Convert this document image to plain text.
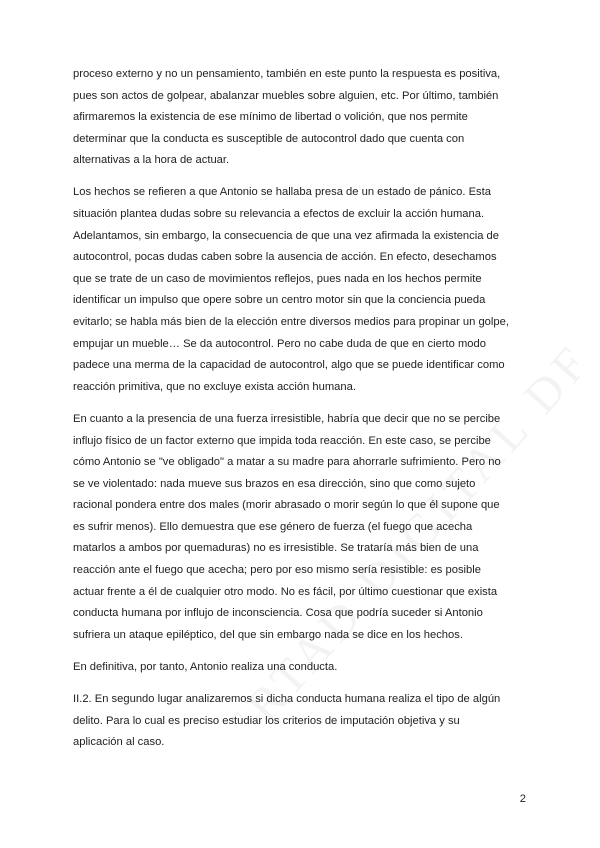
proceso externo y no un pensamiento, también en este punto la respuesta es positiva,
pues son actos de golpear, abalanzar muebles sobre alguien, etc. Por último, también
afirmaremos la existencia de ese mínimo de libertad o volición, que nos permite
determinar que la conducta es susceptible de autocontrol dado que cuenta con
alternativas a la hora de actuar.

Los hechos se refieren a que Antonio se hallaba presa de un estado de pánico. Esta
situación plantea dudas sobre su relevancia a efectos de excluir la acción humana.
Adelantamos, sin embargo, la consecuencia de que una vez afirmada la existencia de
autocontrol, pocas dudas caben sobre la ausencia de acción. En efecto, desechamos
que se trate de un caso de movimientos reflejos, pues nada en los hechos permite
identificar un impulso que opere sobre un centro motor sin que la conciencia pueda
evitarlo; se habla más bien de la elección entre diversos medios para propinar un golpe,
empujar un mueble… Se da autocontrol. Pero no cabe duda de que en cierto modo
padece una merma de la capacidad de autocontrol, algo que se puede identificar como
reacción primitiva, que no excluye exista acción humana.

En cuanto a la presencia de una fuerza irresistible, habría que decir que no se percibe
influjo físico de un factor externo que impida toda reacción. En este caso, se percibe
cómo Antonio se "ve obligado" a matar a su madre para ahorrarle sufrimiento. Pero no
se ve violentado: nada mueve sus brazos en esa dirección, sino que como sujeto
racional pondera entre dos males (morir abrasado o morir según lo que él supone que
es sufrir menos). Ello demuestra que ese género de fuerza (el fuego que acecha
matarlos a ambos por quemaduras) no es irresistible. Se trataría más bien de una
reacción ante el fuego que acecha; pero por eso mismo sería resistible: es posible
actuar frente a él de cualquier otro modo. No es fácil, por último cuestionar que exista
conducta humana por influjo de inconsciencia. Cosa que podría suceder si Antonio
sufriera un ataque epiléptico, del que sin embargo nada se dice en los hechos.

En definitiva, por tanto, Antonio realiza una conducta.

II.2. En segundo lugar analizaremos si dicha conducta humana realiza el tipo de algún
delito. Para lo cual es preciso estudiar los criterios de imputación objetiva y su
aplicación al caso.

2
